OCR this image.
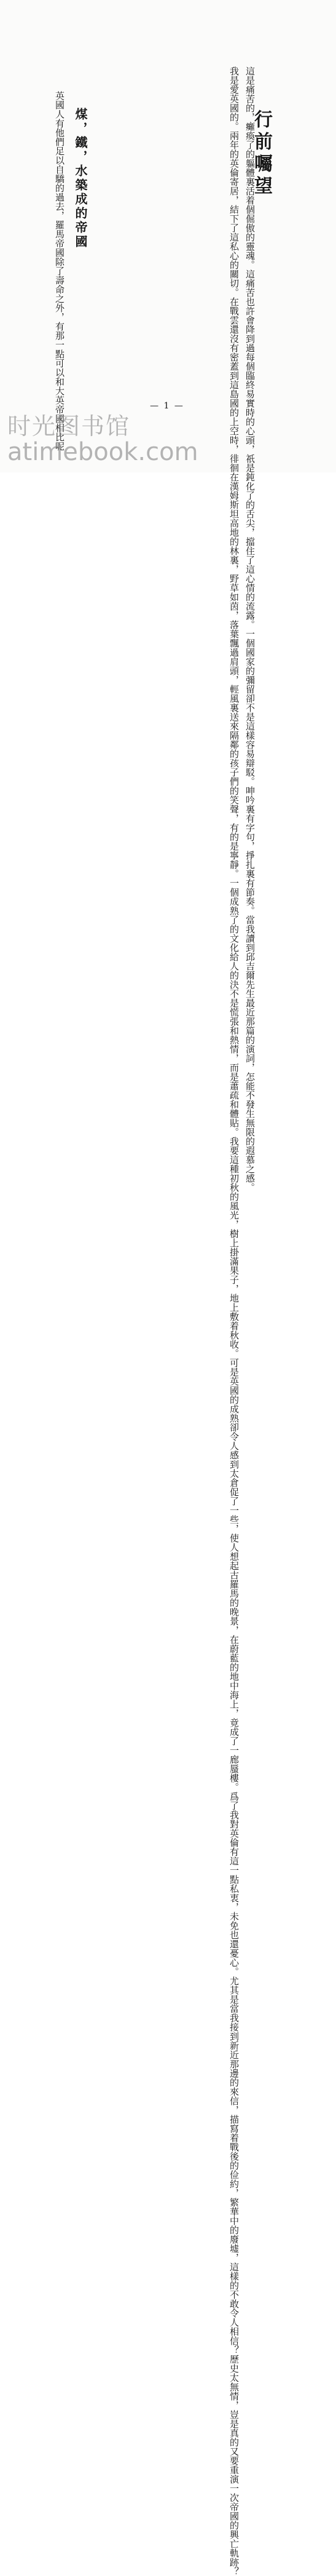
行前囑望
這是痛苦的，癱瘓了的軀體裏活着個倔傲的靈魂。這痛苦也許會降到過每個臨終易實時的心頭，祇是鈍化了的舌尖，擋住了這心情的流露。一個國家的彌留卻不是這樣容易辯駁。呻吟裏有字句，掙扎裏有節奏。當我讀到邱吉爾先生最近那篇的演詞，怎能不發生無限的遐慕之感。
我是愛英國的。兩年的英倫寄居，結下了這私心的關切。在戰雲還沒有密蓋到這島國的上空時，徘徊在漢姆斯坦高地的林裏，野草如茵，落葉飄過肩頭，輕風裏送來隔鄰的孩子們的笑聲，有的是寧靜。一個成熟了的文化給人的決不是慌張和熱情，而是蕭疏和體貼。我要這種初秋的風光，樹上掛滿果子，地上敷着秋收。可是英國的成熟卻令人感到太倉促了一些，使人想起古羅馬的晚景，在蔚藍的地中海上，竟成了一廊蜃樓。爲了我對英倫有這一點私衷，未免也還憂心。尤其是當我接到新近那邊的來信，描寫着戰後的俭約，繁華中的廢墟，這樣的不敢令人相信？歷史太無情，豈是真的又要重演一次帝國的興亡軌跡？
煤，鐵，水築成的帝國
英國人有他們足以自驕的過去，羅馬帝國除了壽命之外，有那一點可以和大英帝國相比呢	— 1 —
时光图书馆
atimebook.com
